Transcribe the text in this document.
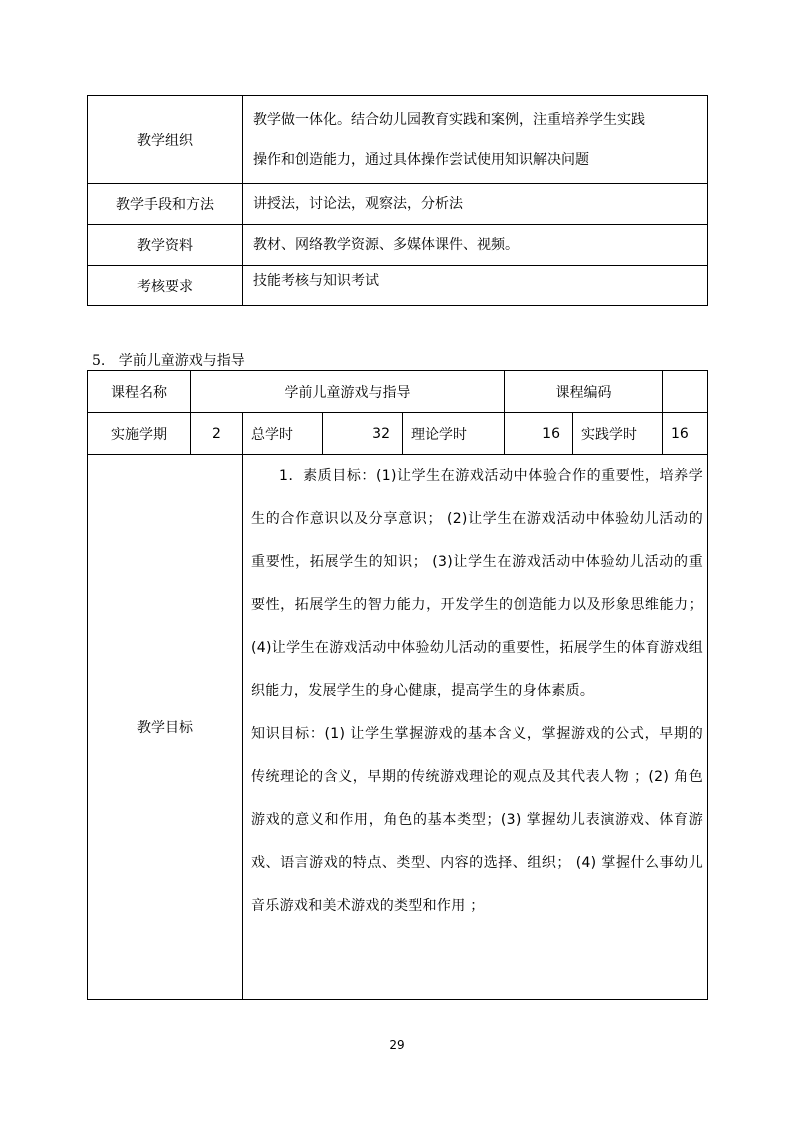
教学组织	教学做一体化。结合幼儿园教育实践和案例，注重培养学生实践
操作和创造能力，通过具体操作尝试使用知识解决问题

教学手段和方法	讲授法，讨论法，观察法，分析法
教学资料	教材、网络教学资源、多媒体课件、视频。
考核要求	技能考核与知识考试
5. 学前儿童游戏与指导
课程名称	学前儿童游戏与指导				课程编码		
实施学期	2	总学时	32	理论学时	16	实践学时	16
教学目标		1．素质目标：(1)让学生在游戏活动中体验合作的重要性，培养学生的合作意识以及分享意识； (2)让学生在游戏活动中体验幼儿活动的重要性，拓展学生的知识； (3)让学生在游戏活动中体验幼儿活动的重要性，拓展学生的智力能力，开发学生的创造能力以及形象思维能力；(4)让学生在游戏活动中体验幼儿活动的重要性，拓展学生的体育游戏组织能力，发展学生的身心健康，提高学生的身体素质。
知识目标：(1) 让学生掌握游戏的基本含义，掌握游戏的公式，早期的传统理论的含义，早期的传统游戏理论的观点及其代表人物 ；(2) 角色游戏的意义和作用，角色的基本类型；(3) 掌握幼儿表演游戏、体育游戏、语言游戏的特点、类型、内容的选择、组织； (4) 掌握什么事幼儿音乐游戏和美术游戏的类型和作用 ；					
29
